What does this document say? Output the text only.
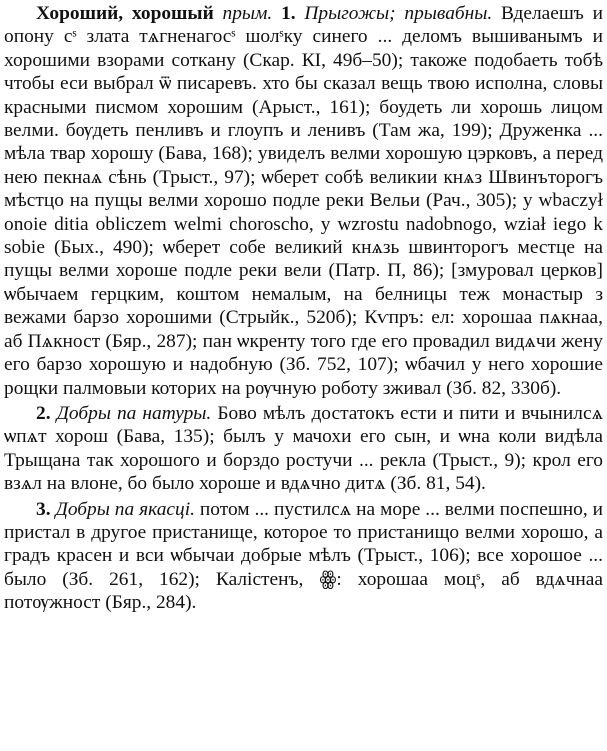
Хороший, хорошый прым. 1. Прыгожы; прывабны. Вделаешъ и опону сˢ злата тѧгненагосˢ шолˢку синего ... деломъ вышиванымъ и хорошими взорами соткану (Скар. КІ, 49б–50); такоже подобаеть тобѣ чтобы еси выбрал ѿ писаревъ. хто бы сказал вещь твою исполна, словы красными писмом хорошим (Арыст., 161); боудеть ли хорошь лицом велми. бѹдеть пенливъ и глоупъ и ленивъ (Там жа, 199); Друженка ... мѣла твар хорошу (Бава, 168); увиделъ велми хорошую цэрковъ, а перед нею пекнаѧ сѣнь (Трыст., 97); ѡберет собѣ великии кнѧз Швинъторогъ мѣстцо на пущы велми хорошо подле реки Вельи (Рач., 305); у wbaczył onoie ditia obliczem welmi choroscho, y wzrostu nadobnogo, wział iego k sobie (Бых., 490); ѡберет собе великий кнѧзь швинторогъ местце на пущы велми хороше подле реки вели (Патр. П, 86); [змуровал церков] ѡбычаем герцким, коштом немалым, на белницы теж монастыр з вежами барзо хорошими (Стрыйк., 520б); Кѵпръ: ел: хорошаа пѧкнаа, аб Пѧкност (Бяр., 287); пан ѡкренту того где его провадил видѧчи жену его барзо хорошую и надобную (Зб. 752, 107); ѡбачил у него хорошие рощки палмовыи которих на рѹчную роботу зживал (Зб. 82, 330б).

2. Добры па натуры. Бово мѣлъ достатокъ ести и пити и вчынилсѧ ѡпѧт хорош (Бава, 135); былъ у мачохи его сын, и ѡна коли видѣла Трыщана так хорошого и борздо ростучи ... рекла (Трыст., 9); крол его взѧл на влоне, бо было хороше и вдѧчно дитѧ (Зб. 81, 54).

3. Добры па якасці. потом ... пустилсѧ на море ... велми поспешно, и пристал в другое пристанище, которое то пристанищо велми хорошо, а градъ красен и вси ѡбычаи добрые мѣлъ (Трыст., 106); все хорошое ... было (Зб. 261, 162); Калістенъ, ꙮ: хорошаа моцˢ, аб вдѧчнаа потѹжност (Бяр., 284).
